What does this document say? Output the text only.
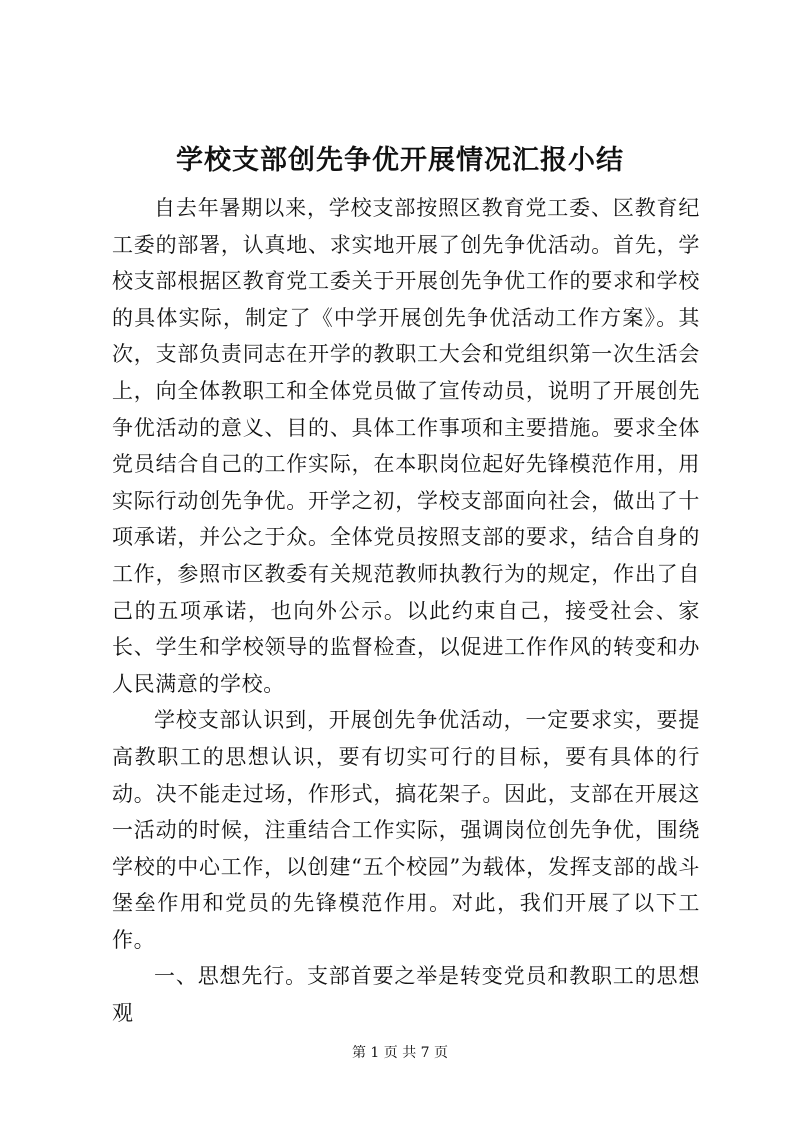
学校支部创先争优开展情况汇报小结

自去年暑期以来，学校支部按照区教育党工委、区教育纪工委的部署，认真地、求实地开展了创先争优活动。首先，学校支部根据区教育党工委关于开展创先争优工作的要求和学校的具体实际，制定了《中学开展创先争优活动工作方案》。其次，支部负责同志在开学的教职工大会和党组织第一次生活会上，向全体教职工和全体党员做了宣传动员，说明了开展创先争优活动的意义、目的、具体工作事项和主要措施。要求全体党员结合自己的工作实际，在本职岗位起好先锋模范作用，用实际行动创先争优。开学之初，学校支部面向社会，做出了十项承诺，并公之于众。全体党员按照支部的要求，结合自身的工作，参照市区教委有关规范教师执教行为的规定，作出了自己的五项承诺，也向外公示。以此约束自己，接受社会、家长、学生和学校领导的监督检查，以促进工作作风的转变和办人民满意的学校。

学校支部认识到，开展创先争优活动，一定要求实，要提高教职工的思想认识，要有切实可行的目标，要有具体的行动。决不能走过场，作形式，搞花架子。因此，支部在开展这一活动的时候，注重结合工作实际，强调岗位创先争优，围绕学校的中心工作，以创建“五个校园”为载体，发挥支部的战斗堡垒作用和党员的先锋模范作用。对此，我们开展了以下工作。

一、思想先行。支部首要之举是转变党员和教职工的思想观

第 1 页 共 7 页
